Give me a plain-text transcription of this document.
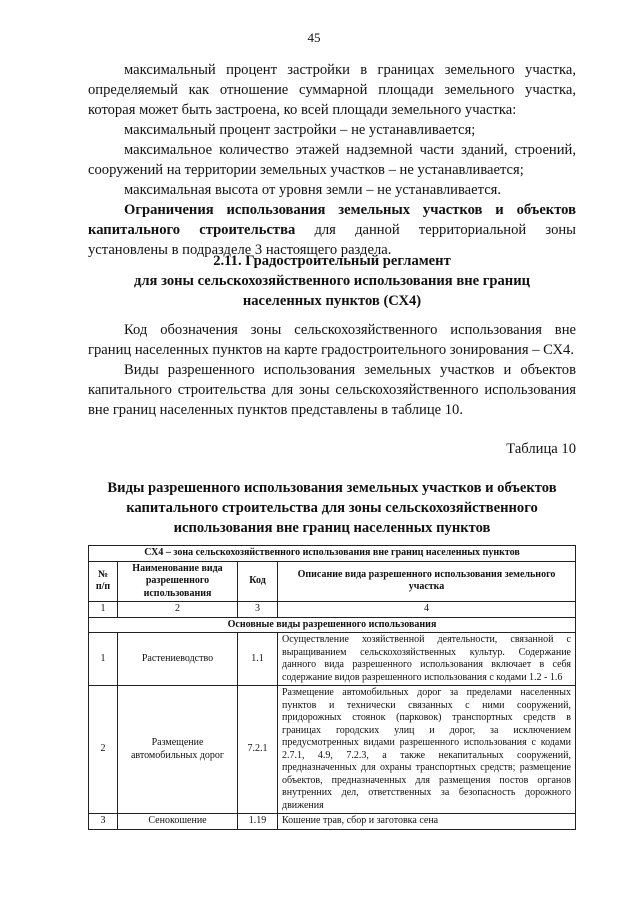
45

максимальный процент застройки в границах земельного участка, определяемый как отношение суммарной площади земельного участка, которая может быть застроена, ко всей площади земельного участка:

максимальный процент застройки – не устанавливается;

максимальное количество этажей надземной части зданий, строений, сооружений на территории земельных участков – не устанавливается;

максимальная высота от уровня земли – не устанавливается.

Ограничения использования земельных участков и объектов капитального строительства для данной территориальной зоны установлены в подразделе 3 настоящего раздела.

2.11. Градостроительный регламент
для зоны сельскохозяйственного использования вне границ
населенных пунктов (СХ4)

Код обозначения зоны сельскохозяйственного использования вне границ населенных пунктов на карте градостроительного зонирования – СХ4.

Виды разрешенного использования земельных участков и объектов капитального строительства для зоны сельскохозяйственного использования вне границ населенных пунктов представлены в таблице 10.

Таблица 10
Виды разрешенного использования земельных участков и объектов
капитального строительства для зоны сельскохозяйственного
использования вне границ населенных пунктов
СХ4 – зона сельскохозяйственного использования вне границ населенных пунктов			
№ п/п	Наименование вида разрешенного использования	Код	Описание вида разрешенного использования земельного участка
1	2	3	4
Основные виды разрешенного использования			
1	Растениеводство	1.1	Осуществление хозяйственной деятельности, связанной с выращиванием сельскохозяйственных культур. Содержание данного вида разрешенного использования включает в себя содержание видов разрешенного использования с кодами 1.2 - 1.6
2	Размещение автомобильных дорог	7.2.1	Размещение автомобильных дорог за пределами населенных пунктов и технически связанных с ними сооружений, придорожных стоянок (парковок) транспортных средств в границах городских улиц и дорог, за исключением предусмотренных видами разрешенного использования с кодами 2.7.1, 4.9, 7.2.3, а также некапитальных сооружений, предназначенных для охраны транспортных средств; размещение объектов, предназначенных для размещения постов органов внутренних дел, ответственных за безопасность дорожного движения
3	Сенокошение	1.19	Кошение трав, сбор и заготовка сена
